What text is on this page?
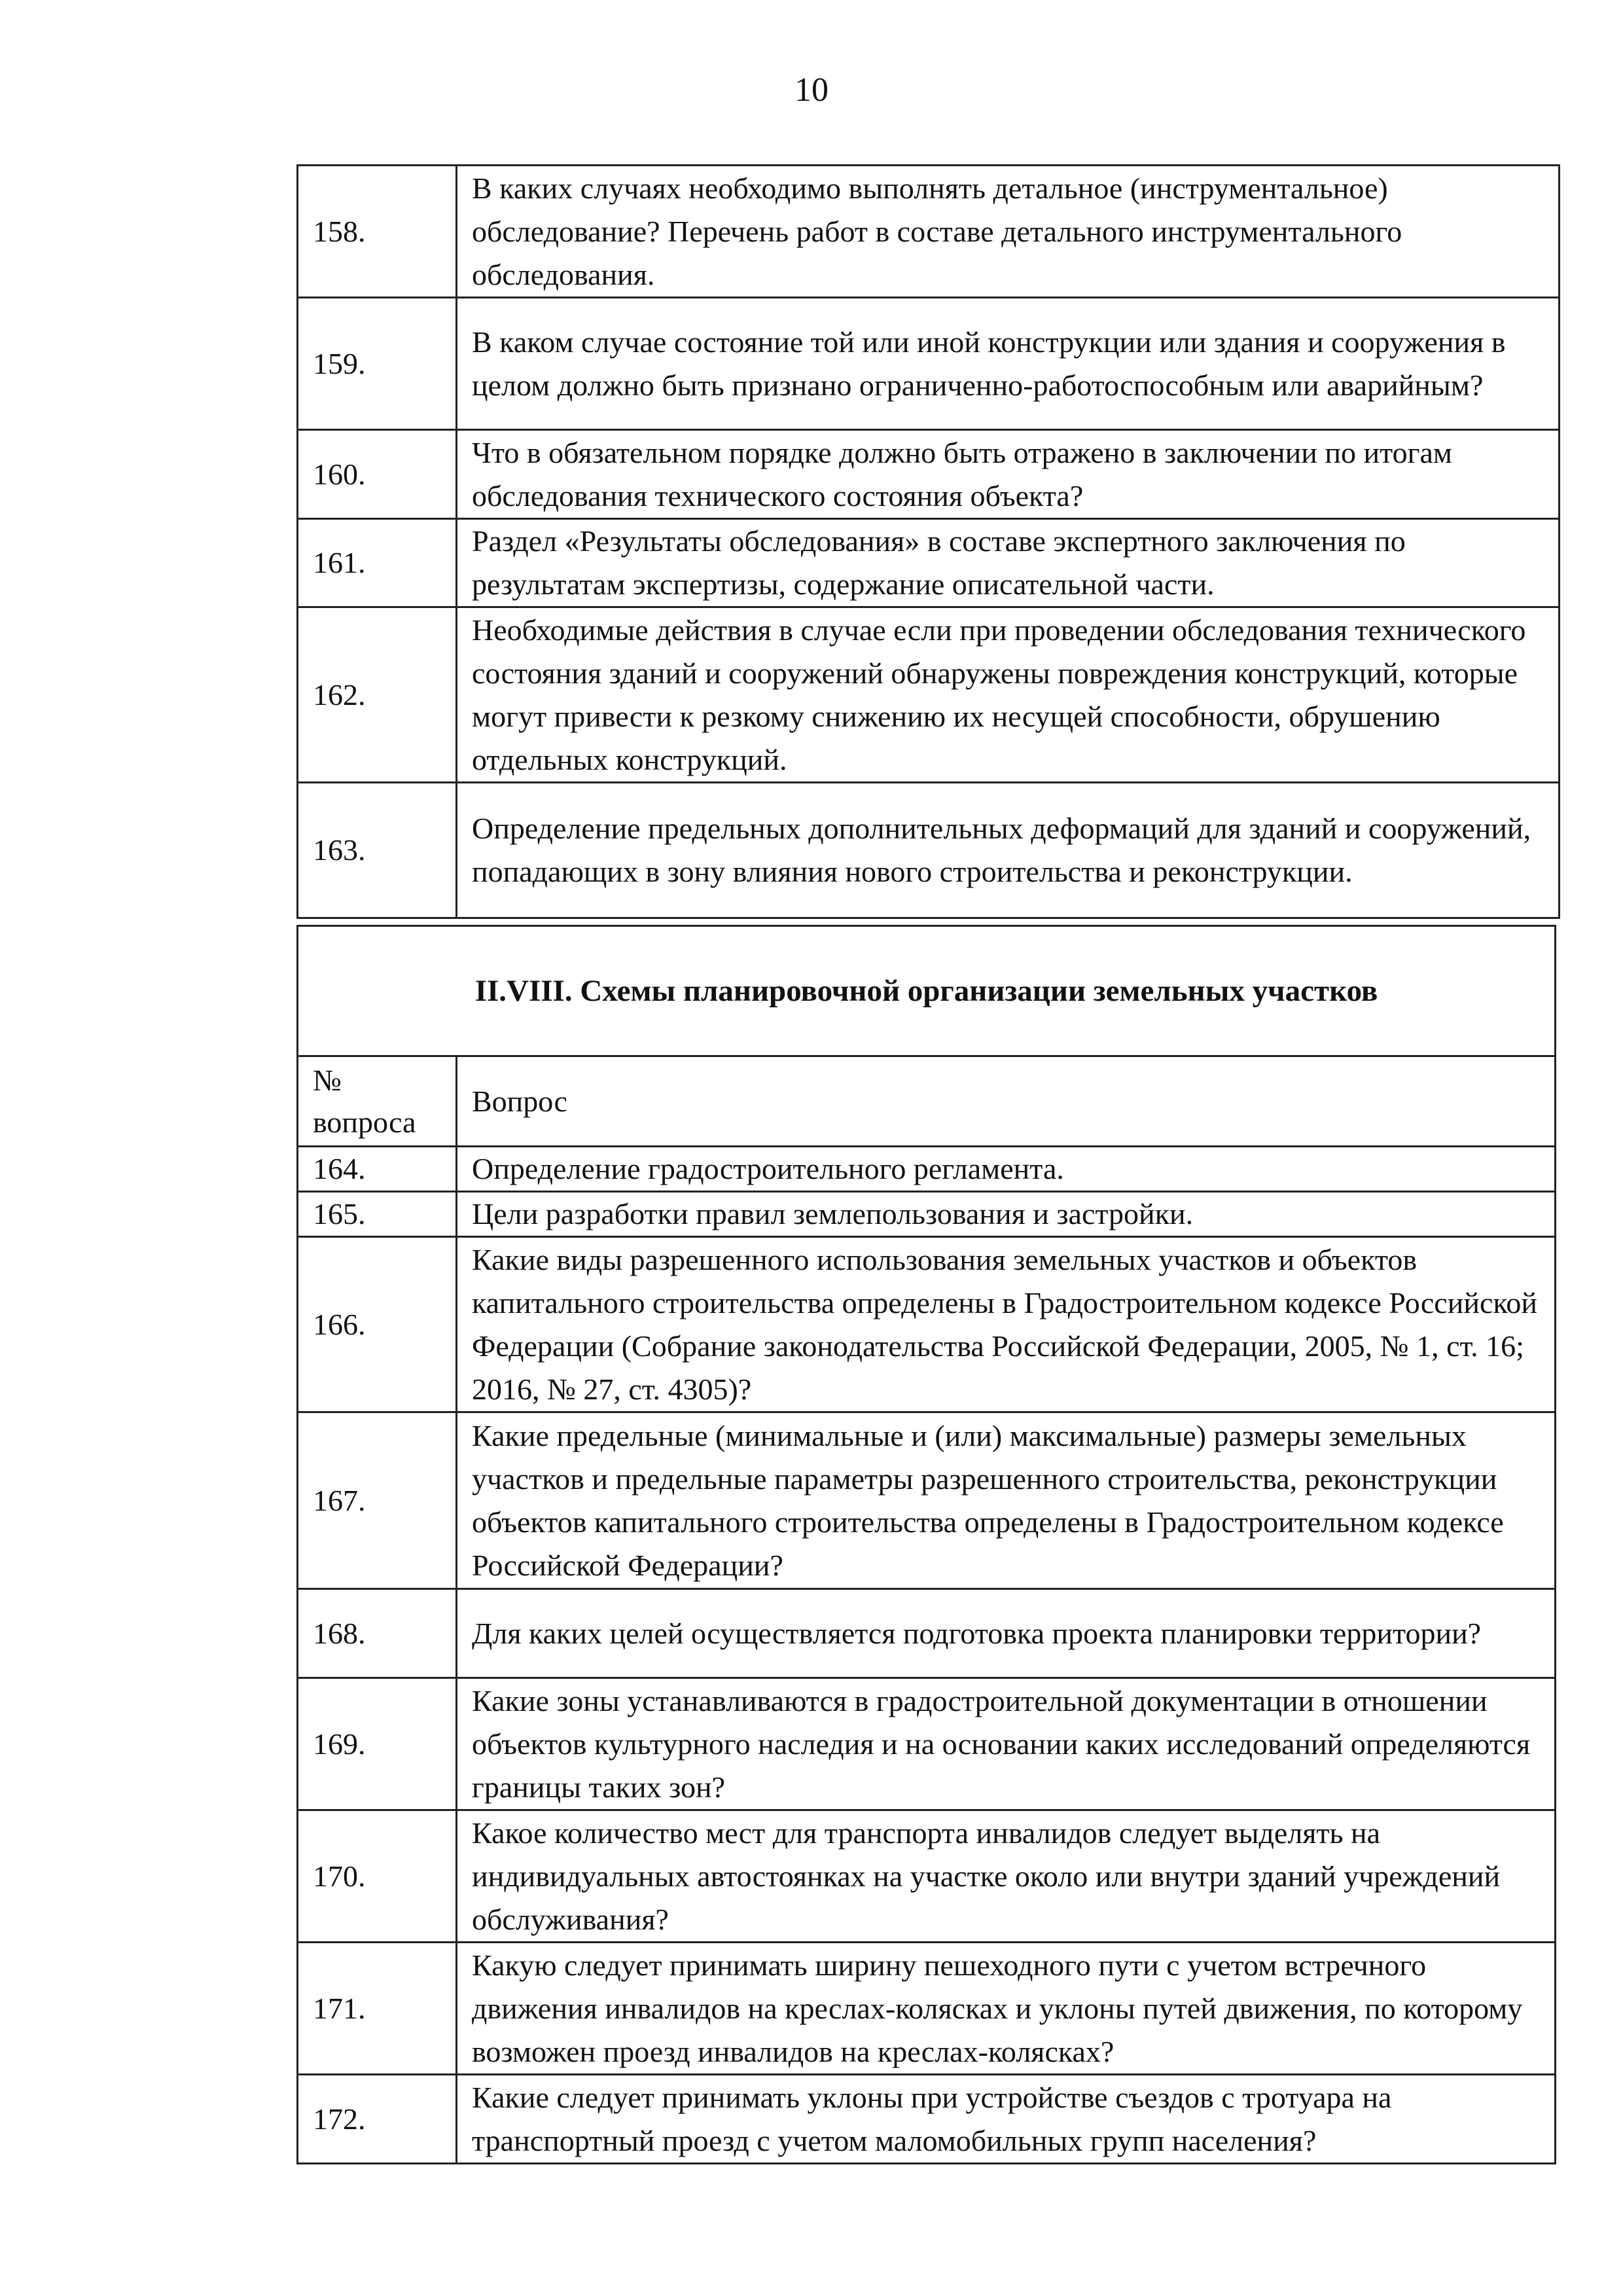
10
158.	В каких случаях необходимо выполнять детальное (инструментальное) обследование? Перечень работ в составе детального инструментального обследования.
159.	В каком случае состояние той или иной конструкции или здания и сооружения в целом должно быть признано ограниченно-работоспособным или аварийным?
160.	Что в обязательном порядке должно быть отражено в заключении по итогам обследования технического состояния объекта?
161.	Раздел «Результаты обследования» в составе экспертного заключения по результатам экспертизы, содержание описательной части.
162.	Необходимые действия в случае если при проведении обследования технического состояния зданий и сооружений обнаружены повреждения конструкций, которые могут привести к резкому снижению их несущей способности, обрушению отдельных конструкций.
163.	Определение предельных дополнительных деформаций для зданий и сооружений, попадающих в зону влияния нового строительства и реконструкции.
II.VIII. Схемы планировочной организации земельных участков	
№
вопроса	Вопрос
164.	Определение градостроительного регламента.
165.	Цели разработки правил землепользования и застройки.
166.	Какие виды разрешенного использования земельных участков и объектов капитального строительства определены в Градостроительном кодексе Российской Федерации (Собрание законодательства Российской Федерации, 2005, № 1, ст. 16; 2016, № 27, ст. 4305)?
167.	Какие предельные (минимальные и (или) максимальные) размеры земельных участков и предельные параметры разрешенного строительства, реконструкции объектов капитального строительства определены в Градостроительном кодексе Российской Федерации?
168.	Для каких целей осуществляется подготовка проекта планировки территории?
169.	Какие зоны устанавливаются в градостроительной документации в отношении объектов культурного наследия и на основании каких исследований определяются границы таких зон?
170.	Какое количество мест для транспорта инвалидов следует выделять на индивидуальных автостоянках на участке около или внутри зданий учреждений обслуживания?
171.	Какую следует принимать ширину пешеходного пути с учетом встречного движения инвалидов на креслах-колясках и уклоны путей движения, по которому возможен проезд инвалидов на креслах-колясках?
172.	Какие следует принимать уклоны при устройстве съездов с тротуара на транспортный проезд с учетом маломобильных групп населения?
